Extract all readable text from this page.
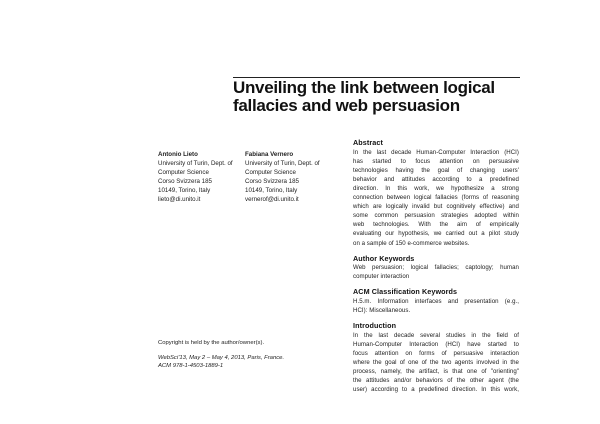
Unveiling the link between logical
fallacies and web persuasion
Antonio Lieto
University of Turin, Dept. of
Computer Science
Corso Svizzera 185
10149, Torino, Italy
lieto@di.unito.it
Fabiana Vernero
University of Turin, Dept. of
Computer Science
Corso Svizzera 185
10149, Torino, Italy
vernerof@di.unito.it
Copyright is held by the author/owner(s).
WebSci'13, May 2 – May 4, 2013, Paris, France.
ACM 978-1-4503-1889-1
Abstract
In the last decade Human-Computer Interaction (HCI)
has started to focus attention on persuasive
technologies having the goal of changing users'
behavior and attitudes according to a predefined
direction. In this work, we hypothesize a strong
connection between logical fallacies (forms of reasoning
which are logically invalid but cognitively effective) and
some common persuasion strategies adopted within
web technologies. With the aim of empirically
evaluating our hypothesis, we carried out a pilot study
on a sample of 150 e-commerce websites.
Author Keywords
Web persuasion; logical fallacies; captology; human
computer interaction
ACM Classification Keywords
H.5.m. Information interfaces and presentation (e.g.,
HCI): Miscellaneous.
Introduction
In the last decade several studies in the field of
Human-Computer Interaction (HCI) have started to
focus attention on forms of persuasive interaction
where the goal of one of the two agents involved in the
process, namely, the artifact, is that one of "orienting"
the attitudes and/or behaviors of the other agent (the
user) according to a predefined direction. In this work,
